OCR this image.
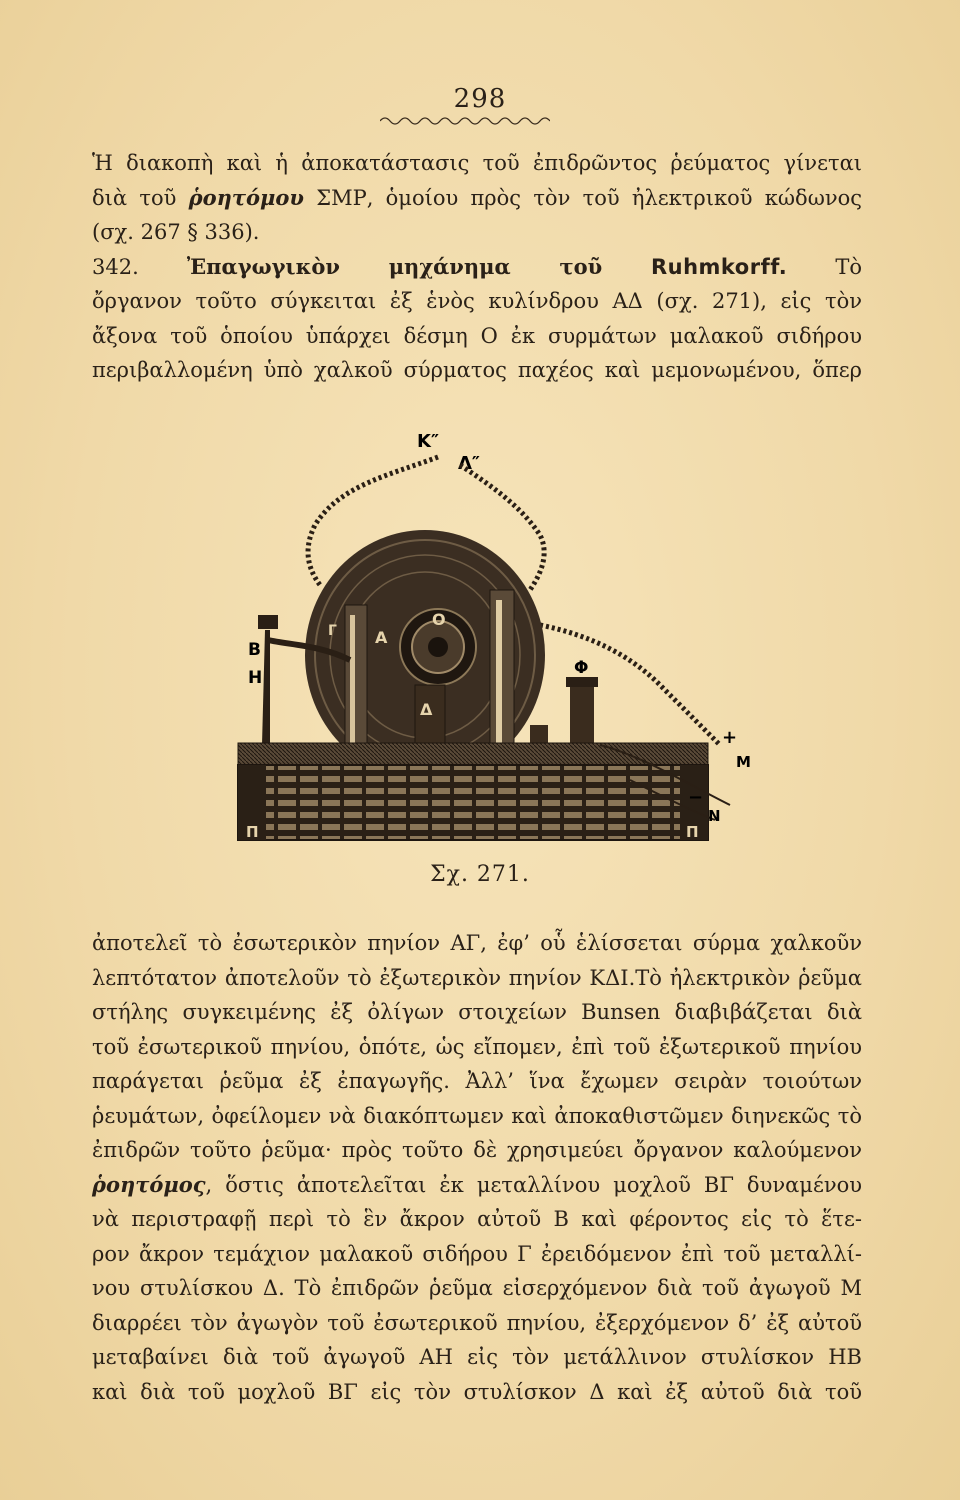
298
Ἡ διακοπὴ καὶ ἡ ἀποκατάστασις τοῦ ἐπιδρῶντος ῥεύματος γίνεται
διὰ τοῦ ῥοητόμου ΣΜΡ, ὁμοίου πρὸς τὸν τοῦ ἠλεκτρικοῦ κώδωνος
(σχ. 267 § 336).
342. Ἐπαγωγικὸν μηχάνημα τοῦ Ruhmkorff. Τὸ
ὄργανον τοῦτο σύγκειται ἐξ ἑνὸς κυλίνδρου ΑΔ (σχ. 271), εἰς τὸν
ἄξονα τοῦ ὁποίου ὑπάρχει δέσμη Ο ἐκ συρμάτων μαλακοῦ σιδήρου
περιβαλλομένη ὑπὸ χαλκοῦ σύρματος παχέος καὶ μεμονωμένου, ὅπερ
Κ″
Λ″
Β
Η
Γ Α
Ο
Δ
Φ
Π	Π
+
Μ
−
Ν
Σχ. 271.
ἀποτελεῖ τὸ ἐσωτερικὸν πηνίον ΑΓ, ἐφ’ οὗ ἑλίσσεται σύρμα χαλκοῦν
λεπτότατον ἀποτελοῦν τὸ ἐξωτερικὸν πηνίον ΚΔΙ.Τὸ ἠλεκτρικὸν ῥεῦμα
στήλης συγκειμένης ἐξ ὀλίγων στοιχείων Bunsen διαβιβάζεται διὰ
τοῦ ἐσωτερικοῦ πηνίου, ὁπότε, ὡς εἴπομεν, ἐπὶ τοῦ ἐξωτερικοῦ πηνίου
παράγεται ῥεῦμα ἐξ ἐπαγωγῆς. Ἀλλ’ ἵνα ἔχωμεν σειρὰν τοιούτων
ῥευμάτων, ὀφείλομεν νὰ διακόπτωμεν καὶ ἀποκαθιστῶμεν διηνεκῶς τὸ
ἐπιδρῶν τοῦτο ῥεῦμα· πρὸς τοῦτο δὲ χρησιμεύει ὄργανον καλούμενον
ῥοητόμος, ὅστις ἀποτελεῖται ἐκ μεταλλίνου μοχλοῦ ΒΓ δυναμένου
νὰ περιστραφῇ περὶ τὸ ἓν ἄκρον αὐτοῦ Β καὶ φέροντος εἰς τὸ ἕτε-
ρον ἄκρον τεμάχιον μαλακοῦ σιδήρου Γ ἐρειδόμενον ἐπὶ τοῦ μεταλλί-
νου στυλίσκου Δ. Τὸ ἐπιδρῶν ῥεῦμα εἰσερχόμενον διὰ τοῦ ἀγωγοῦ Μ
διαρρέει τὸν ἀγωγὸν τοῦ ἐσωτερικοῦ πηνίου, ἐξερχόμενον δ’ ἐξ αὐτοῦ
μεταβαίνει διὰ τοῦ ἀγωγοῦ ΑΗ εἰς τὸν μετάλλινον στυλίσκον ΗΒ
καὶ διὰ τοῦ μοχλοῦ ΒΓ εἰς τὸν στυλίσκον Δ καὶ ἐξ αὐτοῦ διὰ τοῦ
